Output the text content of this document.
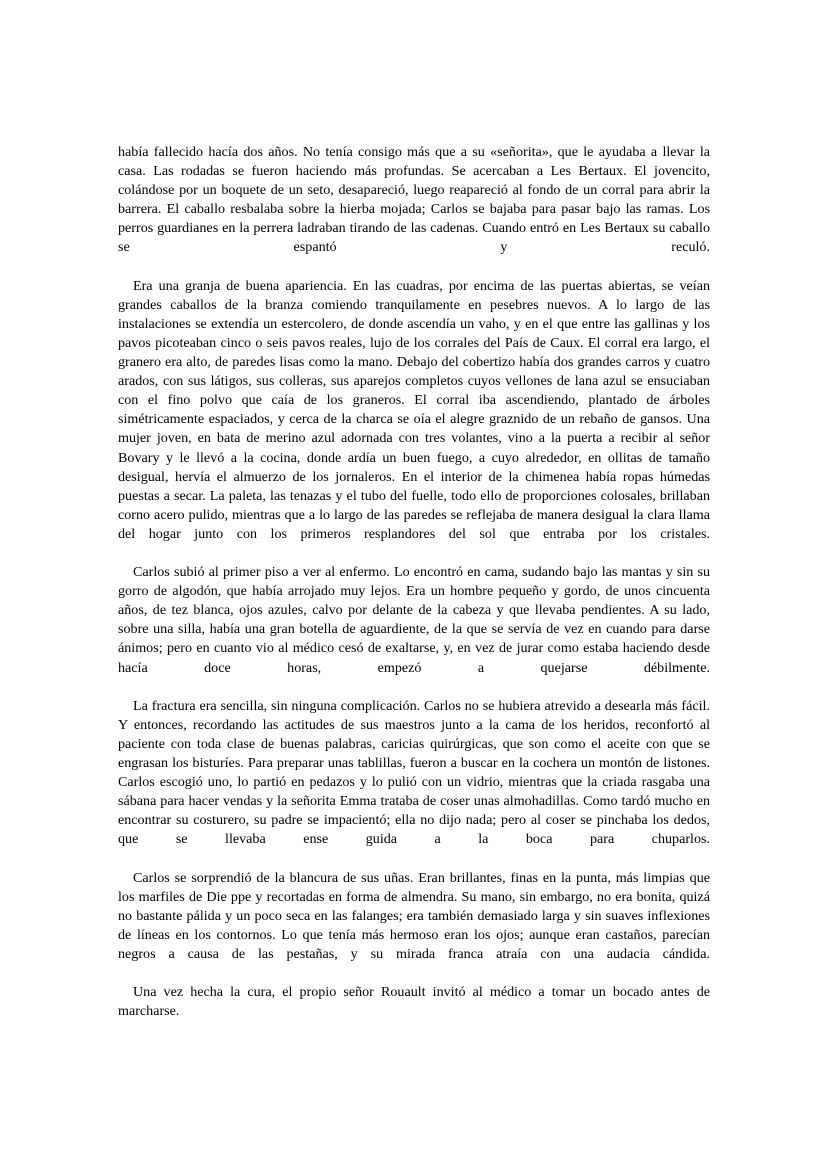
había fallecido hacía dos años. No tenía consigo más que a su «señorita», que le ayudaba a llevar la casa. Las rodadas se fueron haciendo más profundas. Se acercaban a Les Bertaux. El jovencito, colándose por un boquete de un seto, desapareció, luego reapareció al fondo de un corral para abrir la barrera. El caballo resbalaba sobre la hierba mojada; Carlos se bajaba para pasar bajo las ramas. Los perros guardianes en la perrera ladraban tirando de las cadenas. Cuando entró en Les Bertaux su caballo se espantó y reculó.

Era una granja de buena apariencia. En las cuadras, por encima de las puertas abiertas, se veían grandes caballos de la branza comiendo tranquilamente en pesebres nuevos. A lo largo de las instalaciones se extendía un estercolero, de donde ascendía un vaho, y en el que entre las gallinas y los pavos picoteaban cinco o seis pavos reales, lujo de los corrales del País de Caux. El corral era largo, el granero era alto, de paredes lisas como la mano. Debajo del cobertizo había dos grandes carros y cuatro arados, con sus látigos, sus colleras, sus aparejos completos cuyos vellones de lana azul se ensuciaban con el fino polvo que caía de los graneros. El corral iba ascendiendo, plantado de árboles simétricamente espaciados, y cerca de la charca se oía el alegre graznido de un rebaño de gansos. Una mujer joven, en bata de merino azul adornada con tres volantes, vino a la puerta a recibir al señor Bovary y le llevó a la cocina, donde ardía un buen fuego, a cuyo alrededor, en ollitas de tamaño desigual, hervía el almuerzo de los jornaleros. En el interior de la chimenea había ropas húmedas puestas a secar. La paleta, las tenazas y el tubo del fuelle, todo ello de proporciones colosales, brillaban corno acero pulido, mientras que a lo largo de las paredes se reflejaba de manera desigual la clara llama del hogar junto con los primeros resplandores del sol que entraba por los cristales.

Carlos subió al primer piso a ver al enfermo. Lo encontró en cama, sudando bajo las mantas y sin su gorro de algodón, que había arrojado muy lejos. Era un hombre pequeño y gordo, de unos cincuenta años, de tez blanca, ojos azules, calvo por delante de la cabeza y que llevaba pendientes. A su lado, sobre una silla, había una gran botella de aguardiente, de la que se servía de vez en cuando para darse ánimos; pero en cuanto vio al médico cesó de exaltarse, y, en vez de jurar como estaba haciendo desde hacía doce horas, empezó a quejarse débilmente.

La fractura era sencilla, sin ninguna complicación. Carlos no se hubiera atrevido a desearla más fácil. Y entonces, recordando las actitudes de sus maestros junto a la cama de los heridos, reconfortó al paciente con toda clase de buenas palabras, caricias quirúrgicas, que son como el aceite con que se engrasan los bisturíes. Para preparar unas tablillas, fueron a buscar en la cochera un montón de listones. Carlos escogió uno, lo partió en pedazos y lo pulió con un vidrio, mientras que la criada rasgaba una sábana para hacer vendas y la señorita Emma trataba de coser unas almohadillas. Como tardó mucho en encontrar su costurero, su padre se impacientó; ella no dijo nada; pero al coser se pinchaba los dedos, que se llevaba ense guida a la boca para chuparlos.

Carlos se sorprendió de la blancura de sus uñas. Eran brillantes, finas en la punta, más limpias que los marfiles de Die ppe y recortadas en forma de almendra. Su mano, sin embargo, no era bonita, quizá no bastante pálida y un poco seca en las falanges; era también demasiado larga y sin suaves inflexiones de líneas en los contornos. Lo que tenía más hermoso eran los ojos; aunque eran castaños, parecían negros a causa de las pestañas, y su mirada franca atraía con una audacia cándida.

Una vez hecha la cura, el propio señor Rouault invitó al médico a tomar un bocado antes de marcharse.
